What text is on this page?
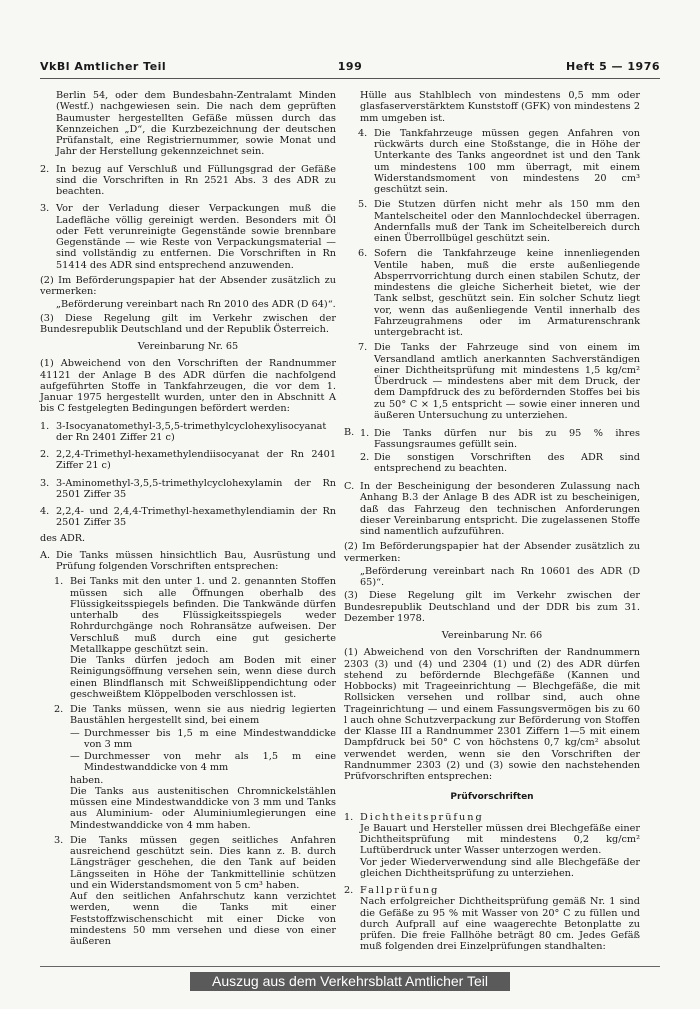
VkBl Amtlicher Teil	199	Heft 5 — 1976

Berlin 54, oder dem Bundesbahn-Zentralamt Minden (Westf.) nachgewiesen sein. Die nach dem geprüften Baumuster hergestellten Gefäße müssen durch das Kennzeichen „D“, die Kurzbezeichnung der deutschen Prüfanstalt, eine Registriernummer, sowie Monat und Jahr der Herstellung gekennzeichnet sein.

2. In bezug auf Verschluß und Füllungsgrad der Gefäße sind die Vorschriften in Rn 2521 Abs. 3 des ADR zu beachten.
3. Vor der Verladung dieser Verpackungen muß die Ladefläche völlig gereinigt werden. Besonders mit Öl oder Fett verunreinigte Gegenstände sowie brennbare Gegenstände — wie Reste von Verpackungsmaterial — sind vollständig zu entfernen. Die Vorschriften in Rn 51414 des ADR sind entsprechend anzuwenden.

(2) Im Beförderungspapier hat der Absender zusätzlich zu vermerken:

„Beförderung vereinbart nach Rn 2010 des ADR (D 64)“.

(3) Diese Regelung gilt im Verkehr zwischen der Bundesrepublik Deutschland und der Republik Österreich.

Vereinbarung Nr. 65

(1) Abweichend von den Vorschriften der Randnummer 41121 der Anlage B des ADR dürfen die nachfolgend aufgeführten Stoffe in Tankfahrzeugen, die vor dem 1. Januar 1975 hergestellt wurden, unter den in Abschnitt A bis C festgelegten Bedingungen befördert werden:

1. 3-Isocyanatomethyl-3,5,5-trimethylcyclohexylisocyanat der Rn 2401 Ziffer 21 c)
2. 2,2,4-Trimethyl-hexamethylendiisocyanat der Rn 2401 Ziffer 21 c)
3. 3-Aminomethyl-3,5,5-trimethylcyclohexylamin der Rn 2501 Ziffer 35
4. 2,2,4- und 2,4,4-Trimethyl-hexamethylendiamin der Rn 2501 Ziffer 35

des ADR.

A. Die Tanks müssen hinsichtlich Bau, Ausrüstung und Prüfung folgenden Vorschriften entsprechen:
1. Bei Tanks mit den unter 1. und 2. genannten Stoffen müssen sich alle Öffnungen oberhalb des Flüssigkeitsspiegels befinden. Die Tankwände dürfen unterhalb des Flüssigkeitsspiegels weder Rohrdurchgänge noch Rohransätze aufweisen. Der Verschluß muß durch eine gut gesicherte Metallkappe geschützt sein.
Die Tanks dürfen jedoch am Boden mit einer Reinigungsöffnung versehen sein, wenn diese durch einen Blindflansch mit Schweißlippendichtung oder geschweißtem Klöppelboden verschlossen ist.
2. Die Tanks müssen, wenn sie aus niedrig legierten Baustählen hergestellt sind, bei einem
— Durchmesser bis 1,5 m eine Mindestwanddicke von 3 mm
— Durchmesser von mehr als 1,5 m eine Mindestwanddicke von 4 mm
haben.
Die Tanks aus austenitischen Chromnickelstählen müssen eine Mindestwanddicke von 3 mm und Tanks aus Aluminium- oder Aluminiumlegierungen eine Mindestwanddicke von 4 mm haben.
3. Die Tanks müssen gegen seitliches Anfahren ausreichend geschützt sein. Dies kann z. B. durch Längsträger geschehen, die den Tank auf beiden Längsseiten in Höhe der Tankmittellinie schützen und ein Widerstandsmoment von 5 cm³ haben.
Auf den seitlichen Anfahrschutz kann verzichtet werden, wenn die Tanks mit einer Feststoffzwischenschicht mit einer Dicke von mindestens 50 mm versehen und diese von einer äußeren

Hülle aus Stahlblech von mindestens 0,5 mm oder glasfaserverstärktem Kunststoff (GFK) von mindestens 2 mm umgeben ist.

4. Die Tankfahrzeuge müssen gegen Anfahren von rückwärts durch eine Stoßstange, die in Höhe der Unterkante des Tanks angeordnet ist und den Tank um mindestens 100 mm überragt, mit einem Widerstandsmoment von mindestens 20 cm³ geschützt sein.
5. Die Stutzen dürfen nicht mehr als 150 mm den Mantelscheitel oder den Mannlochdeckel überragen. Andernfalls muß der Tank im Scheitelbereich durch einen Überrollbügel geschützt sein.
6. Sofern die Tankfahrzeuge keine innenliegenden Ventile haben, muß die erste außenliegende Absperrvorrichtung durch einen stabilen Schutz, der mindestens die gleiche Sicherheit bietet, wie der Tank selbst, geschützt sein. Ein solcher Schutz liegt vor, wenn das außenliegende Ventil innerhalb des Fahrzeugrahmens oder im Armaturenschrank untergebracht ist.
7. Die Tanks der Fahrzeuge sind von einem im Versandland amtlich anerkannten Sachverständigen einer Dichtheitsprüfung mit mindestens 1,5 kg/cm² Überdruck — mindestens aber mit dem Druck, der dem Dampfdruck des zu befördernden Stoffes bei bis zu 50° C × 1,5 entspricht — sowie einer inneren und äußeren Untersuchung zu unterziehen.
B. 1. Die Tanks dürfen nur bis zu 95 % ihres Fassungsraumes gefüllt sein.
2. Die sonstigen Vorschriften des ADR sind entsprechend zu beachten.
C. In der Bescheinigung der besonderen Zulassung nach Anhang B.3 der Anlage B des ADR ist zu bescheinigen, daß das Fahrzeug den technischen Anforderungen dieser Vereinbarung entspricht. Die zugelassenen Stoffe sind namentlich aufzuführen.

(2) Im Beförderungspapier hat der Absender zusätzlich zu vermerken:

„Beförderung vereinbart nach Rn 10601 des ADR (D 65)“.

(3) Diese Regelung gilt im Verkehr zwischen der Bundesrepublik Deutschland und der DDR bis zum 31. Dezember 1978.

Vereinbarung Nr. 66

(1) Abweichend von den Vorschriften der Randnummern 2303 (3) und (4) und 2304 (1) und (2) des ADR dürfen stehend zu befördernde Blechgefäße (Kannen und Hobbocks) mit Trageeinrichtung — Blechgefäße, die mit Rollsicken versehen und rollbar sind, auch ohne Trageinrichtung — und einem Fassungsvermögen bis zu 60 l auch ohne Schutzverpackung zur Beförderung von Stoffen der Klasse III a Randnummer 2301 Ziffern 1—5 mit einem Dampfdruck bei 50° C von höchstens 0,7 kg/cm² absolut verwendet werden, wenn sie den Vorschriften der Randnummer 2303 (2) und (3) sowie den nachstehenden Prüfvorschriften entsprechen:

Prüfvorschriften

1. Dichtheitsprüfung
Je Bauart und Hersteller müssen drei Blechgefäße einer Dichtheitsprüfung mit mindestens 0,2 kg/cm² Luftüberdruck unter Wasser unterzogen werden.
Vor jeder Wiederverwendung sind alle Blechgefäße der gleichen Dichtheitsprüfung zu unterziehen.
2. Fallprüfung
Nach erfolgreicher Dichtheitsprüfung gemäß Nr. 1 sind die Gefäße zu 95 % mit Wasser von 20° C zu füllen und durch Aufprall auf eine waagerechte Betonplatte zu prüfen. Die freie Fallhöhe beträgt 80 cm. Jedes Gefäß muß folgenden drei Einzelprüfungen standhalten:
Auszug aus dem Verkehrsblatt Amtlicher Teil
